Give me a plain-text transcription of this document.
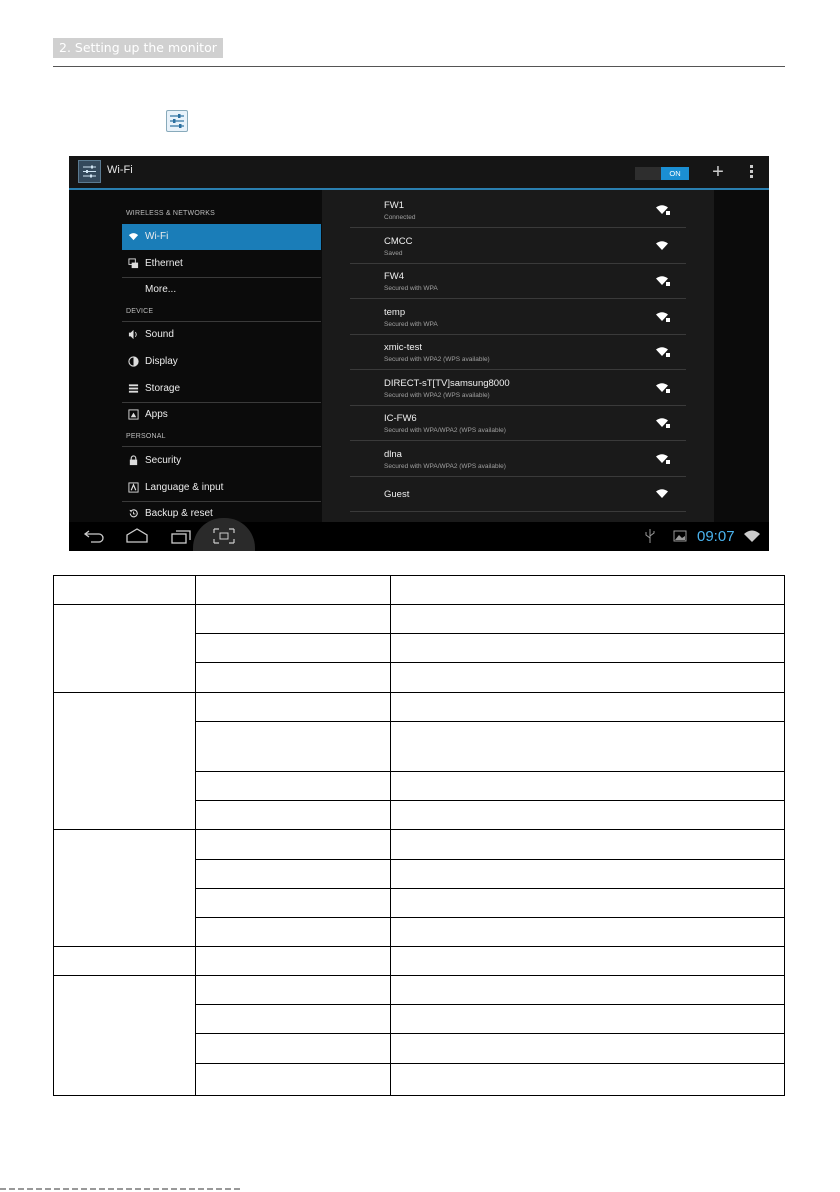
2. Setting up the monitor
Wi-Fi	ON	+
WIRELESS & NETWORKS
Wi-Fi
Ethernet
More...
DEVICE
Sound
Display
Storage
Apps
PERSONAL
Security
Language & input
Backup & reset
FW1
Connected
CMCC
Saved
FW4
Secured with WPA
temp
Secured with WPA
xmic-test
Secured with WPA2 (WPS available)
DIRECT-sT[TV]samsung8000
Secured with WPA2 (WPS available)
IC-FW6
Secured with WPA/WPA2 (WPS available)
dlna
Secured with WPA/WPA2 (WPS available)
Guest
09:07
